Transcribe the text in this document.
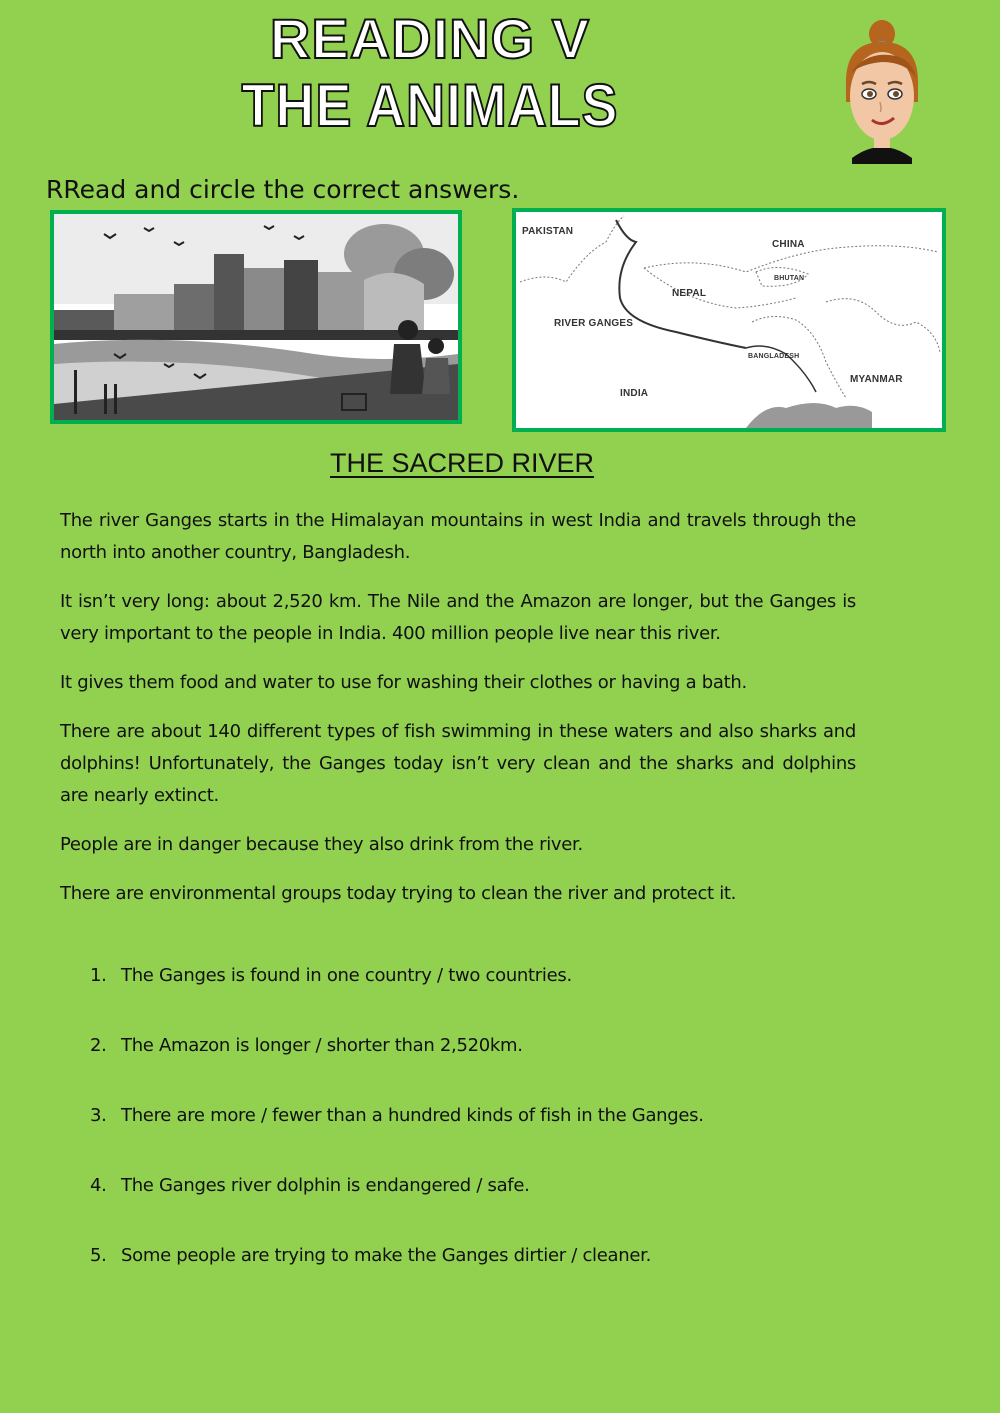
READING V
THE ANIMALS

RRead and circle the correct answers.

PAKISTAN
CHINA
BHUTAN
NEPAL
RIVER GANGES
BANGLADESH
MYANMAR
INDIA
THE SACRED RIVER

The river Ganges starts in the Himalayan mountains in west India and travels through the north into another country, Bangladesh.

It isn’t very long: about 2,520 km. The Nile and the Amazon are longer, but the Ganges is very important to the people in India. 400 million people live near this river.

It gives them food and water to use for washing their clothes or having a bath.

There are about 140 different types of fish swimming in these waters and also sharks and dolphins! Unfortunately, the Ganges today isn’t very clean and the sharks and dolphins are nearly extinct.

People are in danger because they also drink from the river.

There are environmental groups today trying to clean the river and protect it.

1. The Ganges is found in one country / two countries.
2. The Amazon is longer / shorter than 2,520km.
3. There are more / fewer than a hundred kinds of fish in the Ganges.
4. The Ganges river dolphin is endangered / safe.
5. Some people are trying to make the Ganges dirtier / cleaner.
